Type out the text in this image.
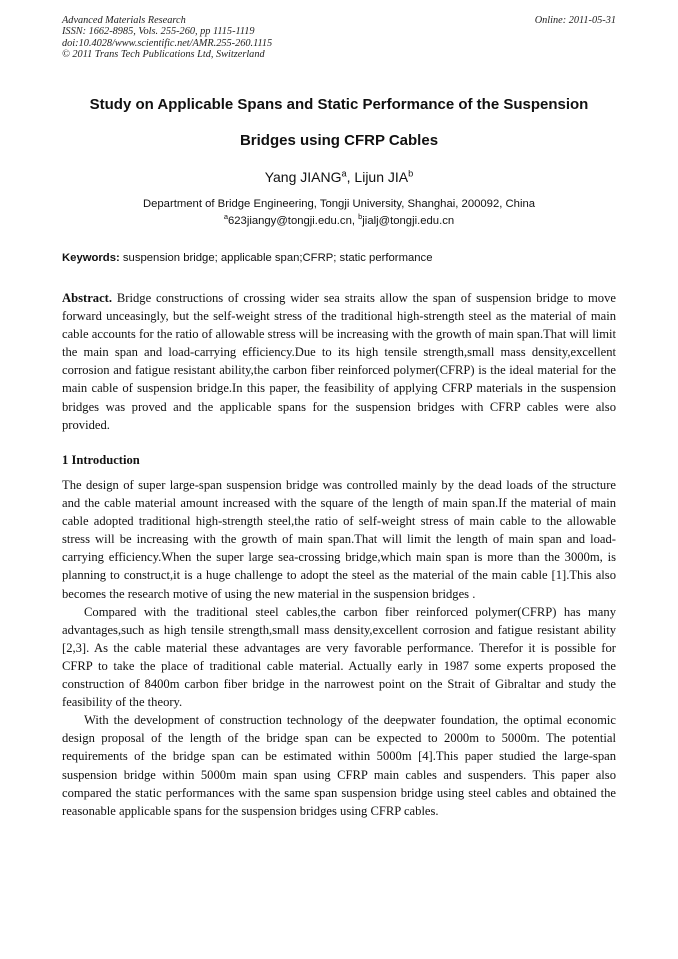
Advanced Materials Research	Online: 2011-05-31
ISSN: 1662-8985, Vols. 255-260, pp 1115-1119
doi:10.4028/www.scientific.net/AMR.255-260.1115
© 2011 Trans Tech Publications Ltd, Switzerland
Study on Applicable Spans and Static Performance of the Suspension
Bridges using CFRP Cables
Yang JIANG$^a$, Lijun JIA$^b$
Department of Bridge Engineering, Tongji University, Shanghai, 200092, China
$^a$623jiangy@tongji.edu.cn, $^b$jialj@tongji.edu.cn
Keywords: suspension bridge; applicable span;CFRP; static performance
Abstract. Bridge constructions of crossing wider sea straits allow the span of suspension bridge to move forward unceasingly, but the self-weight stress of the traditional high-strength steel as the material of main cable accounts for the ratio of allowable stress will be increasing with the growth of main span.That will limit the main span and load-carrying efficiency.Due to its high tensile strength,small mass density,excellent corrosion and fatigue resistant ability,the carbon fiber reinforced polymer(CFRP) is the ideal material for the main cable of suspension bridge.In this paper, the feasibility of applying CFRP materials in the suspension bridges was proved and the applicable spans for the suspension bridges with CFRP cables were also provided.
1 Introduction

The design of super large-span suspension bridge was controlled mainly by the dead loads of the structure and the cable material amount increased with the square of the length of main span.If the material of main cable adopted traditional high-strength steel,the ratio of self-weight stress of main cable to the allowable stress will be increasing with the growth of main span.That will limit the length of main span and load-carrying efficiency.When the super large sea-crossing bridge,which main span is more than the 3000m, is planning to construct,it is a huge challenge to adopt the steel as the material of the main cable [1].This also becomes the research motive of using the new material in the suspension bridges .

Compared with the traditional steel cables,the carbon fiber reinforced polymer(CFRP) has many advantages,such as high tensile strength,small mass density,excellent corrosion and fatigue resistant ability [2,3]. As the cable material these advantages are very favorable performance. Therefor it is possible for CFRP to take the place of traditional cable material. Actually early in 1987 some experts proposed the construction of 8400m carbon fiber bridge in the narrowest point on the Strait of Gibraltar and study the feasibility of the theory.

With the development of construction technology of the deepwater foundation, the optimal economic design proposal of the length of the bridge span can be expected to 2000m to 5000m. The potential requirements of the bridge span can be estimated within 5000m [4].This paper studied the large-span suspension bridge within 5000m main span using CFRP main cables and suspenders. This paper also compared the static performances with the same span suspension bridge using steel cables and obtained the reasonable applicable spans for the suspension bridges using CFRP cables.
